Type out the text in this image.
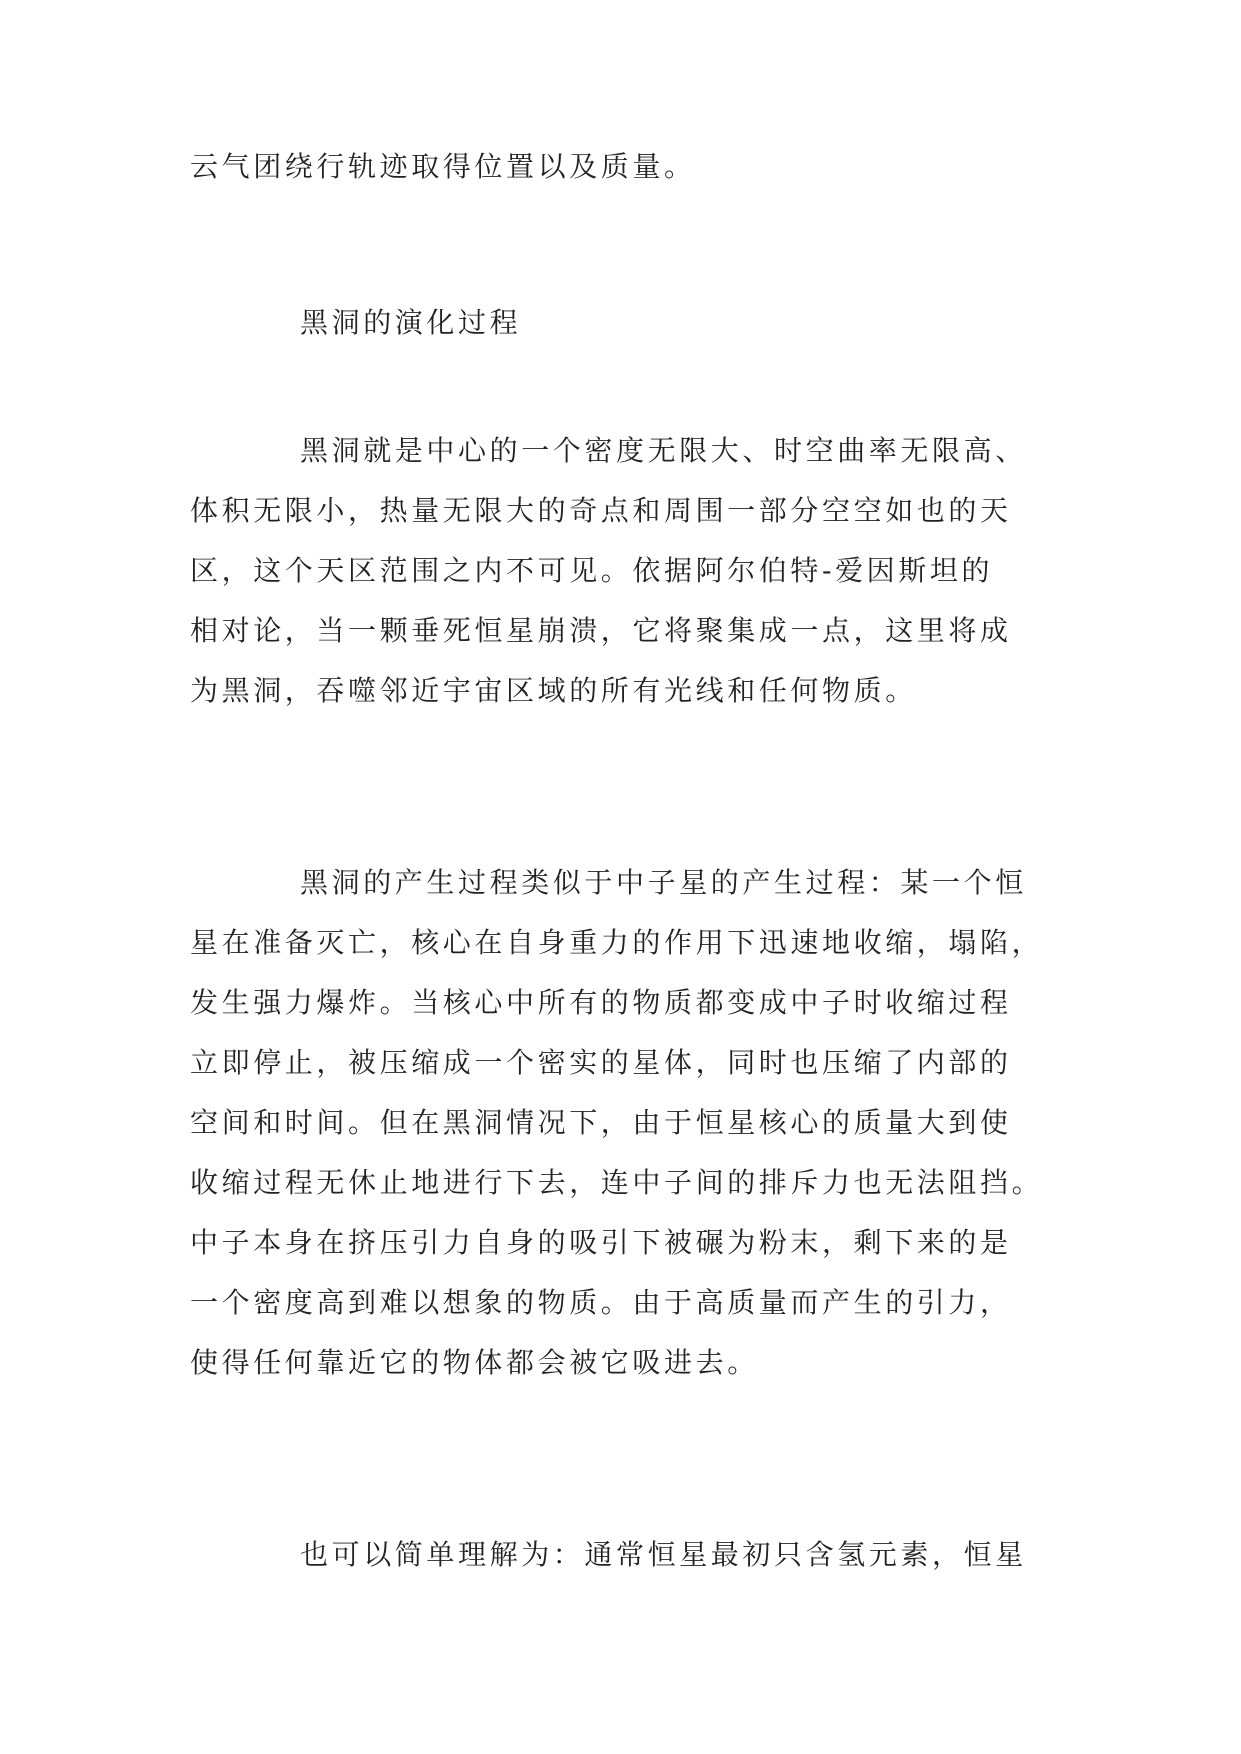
云气团绕行轨迹取得位置以及质量。
黑洞的演化过程
黑洞就是中心的一个密度无限大、时空曲率无限高、
体积无限小，热量无限大的奇点和周围一部分空空如也的天
区，这个天区范围之内不可见。依据阿尔伯特-爱因斯坦的
相对论，当一颗垂死恒星崩溃，它将聚集成一点，这里将成
为黑洞，吞噬邻近宇宙区域的所有光线和任何物质。
黑洞的产生过程类似于中子星的产生过程：某一个恒
星在准备灭亡，核心在自身重力的作用下迅速地收缩，塌陷，
发生强力爆炸。当核心中所有的物质都变成中子时收缩过程
立即停止，被压缩成一个密实的星体，同时也压缩了内部的
空间和时间。但在黑洞情况下，由于恒星核心的质量大到使
收缩过程无休止地进行下去，连中子间的排斥力也无法阻挡。
中子本身在挤压引力自身的吸引下被碾为粉末，剩下来的是
一个密度高到难以想象的物质。由于高质量而产生的引力，
使得任何靠近它的物体都会被它吸进去。
也可以简单理解为：通常恒星最初只含氢元素，恒星
